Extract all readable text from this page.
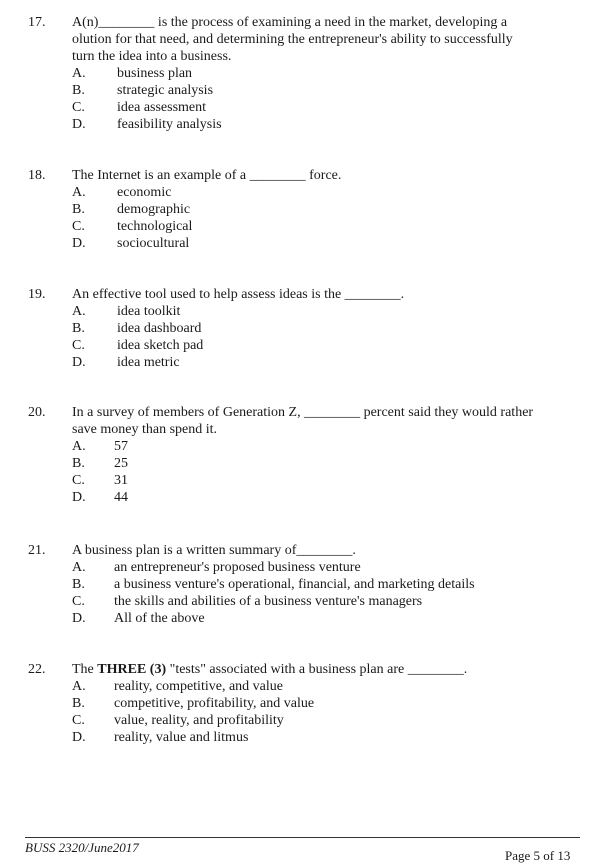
17. A(n)________ is the process of examining a need in the market, developing a
olution for that need, and determining the entrepreneur's ability to successfully
turn the idea into a business.
A. business plan
B. strategic analysis
C. idea assessment
D. feasibility analysis
18. The Internet is an example of a ________ force.
A. economic
B. demographic
C. technological
D. sociocultural
19. An effective tool used to help assess ideas is the ________.
A. idea toolkit
B. idea dashboard
C. idea sketch pad
D. idea metric
20. In a survey of members of Generation Z, ________ percent said they would rather
save money than spend it.
A. 57
B. 25
C. 31
D. 44
21. A business plan is a written summary of________.
A. an entrepreneur's proposed business venture
B. a business venture's operational, financial, and marketing details
C. the skills and abilities of a business venture's managers
D. All of the above
22. The THREE (3) "tests" associated with a business plan are ________.
A. reality, competitive, and value
B. competitive, profitability, and value
C. value, reality, and profitability
D. reality, value and litmus
BUSS 2320/June2017
Page 5 of 13
